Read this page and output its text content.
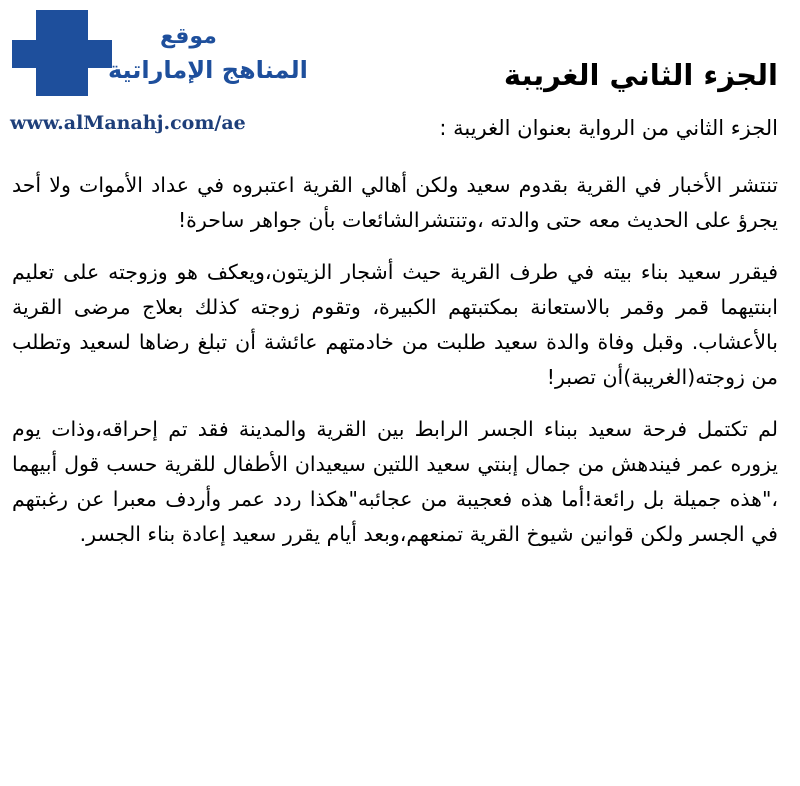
موقع
المناهج الإماراتية
www.alManahj.com/ae
الجزء الثاني الغريبة

الجزء الثاني من الرواية بعنوان الغريبة :

تنتشر الأخبار في القرية بقدوم سعيد ولكن أهالي القرية اعتبروه في عداد الأموات ولا أحد يجرؤ على الحديث معه حتى والدته ،وتنتشرالشائعات بأن جواهر ساحرة!

فيقرر سعيد بناء بيته في طرف القرية حيث أشجار الزيتون،ويعكف هو وزوجته على تعليم ابنتيهما قمر وقمر بالاستعانة بمكتبتهم الكبيرة، وتقوم زوجته كذلك بعلاج مرضى القرية بالأعشاب. وقبل وفاة والدة سعيد طلبت من خادمتهم عائشة أن تبلغ رضاها لسعيد وتطلب من زوجته(الغريبة)أن تصبر!

لم تكتمل فرحة سعيد ببناء الجسر الرابط بين القرية والمدينة فقد تم إحراقه،وذات يوم يزوره عمر فيندهش من جمال إبنتي سعيد اللتين سيعيدان الأطفال للقرية حسب قول أبيهما ،"هذه جميلة بل رائعة!أما هذه فعجيبة من عجائبه"هكذا ردد عمر وأردف معبرا عن رغبتهم في الجسر ولكن قوانين شيوخ القرية تمنعهم،وبعد أيام يقرر سعيد إعادة بناء الجسر.
